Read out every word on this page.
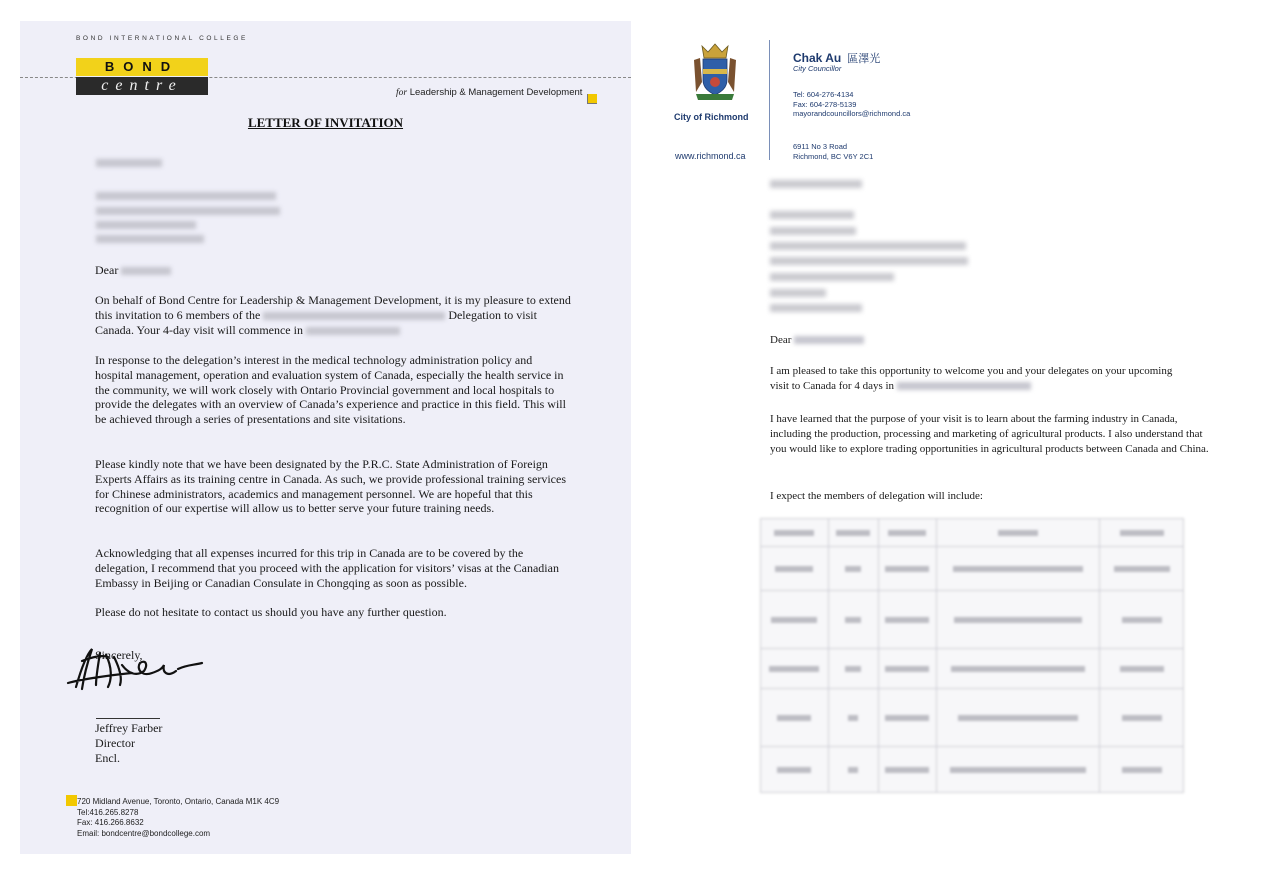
BOND INTERNATIONAL COLLEGE
BOND
centre	for Leadership & Management Development
LETTER OF INVITATION

Dear

On behalf of Bond Centre for Leadership & Management Development, it is my pleasure to extend this invitation to 6 members of the	Delegation to visit Canada. Your 4-day visit will commence in

In response to the delegation’s interest in the medical technology administration policy and hospital management, operation and evaluation system of Canada, especially the health service in the community, we will work closely with Ontario Provincial government and local hospitals to provide the delegates with an overview of Canada’s experience and practice in this field. This will be achieved through a series of presentations and site visitations.

Please kindly note that we have been designated by the P.R.C. State Administration of Foreign Experts Affairs as its training centre in Canada. As such, we provide professional training services for Chinese administrators, academics and management personnel. We are hopeful that this recognition of our expertise will allow us to better serve your future training needs.

Acknowledging that all expenses incurred for this trip in Canada are to be covered by the delegation, I recommend that you proceed with the application for visitors’ visas at the Canadian Embassy in Beijing or Canadian Consulate in Chongqing as soon as possible.

Please do not hesitate to contact us should you have any further question.

Sincerely,

Jeffrey Farber
Director
Encl.
720 Midland Avenue, Toronto, Ontario, Canada M1K 4C9
Tel:416.265.8278
Fax: 416.266.8632
Email: bondcentre@bondcollege.com
City of Richmond
www.richmond.ca
Chak Au 區澤光
City Councillor
Tel: 604-276-4134
Fax: 604-278-5139
mayorandcouncillors@richmond.ca
6911 No 3 Road
Richmond, BC V6Y 2C1

Dear

I am pleased to take this opportunity to welcome you and your delegates on your upcoming visit to Canada for 4 days in

I have learned that the purpose of your visit is to learn about the farming industry in Canada, including the production, processing and marketing of agricultural products. I also understand that you would like to explore trading opportunities in agricultural products between Canada and China.

I expect the members of delegation will include:
